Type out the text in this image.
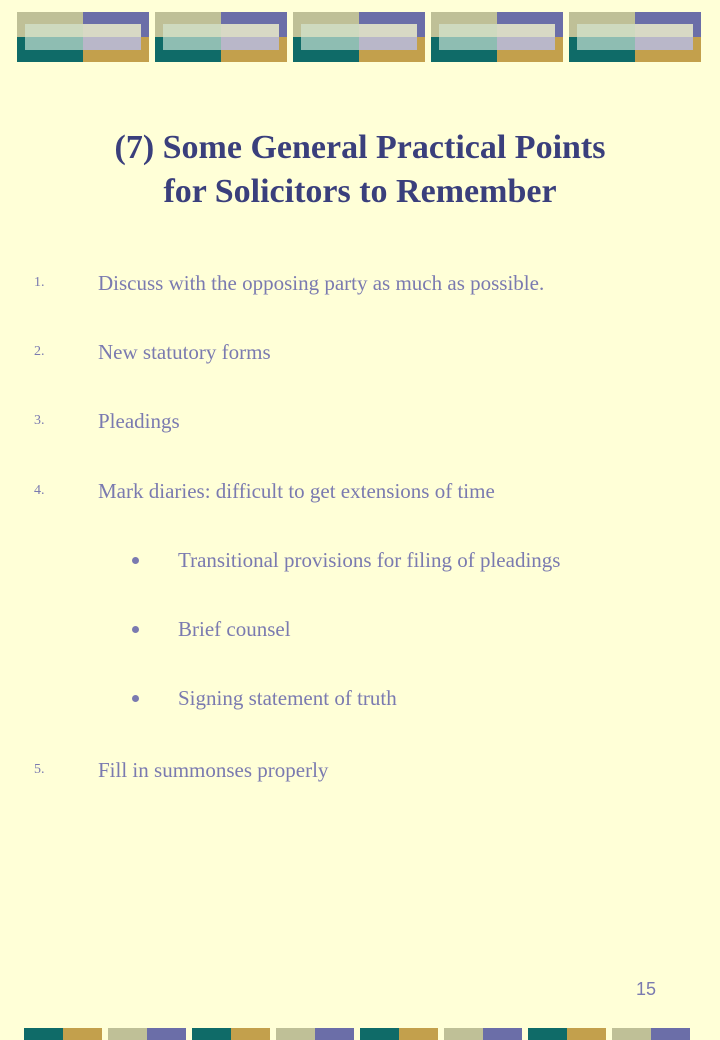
(7) Some General Practical Points
for Solicitors to Remember
1.	Discuss with the opposing party as much as possible.
2.	New statutory forms
3.	Pleadings
4.	Mark diaries: difficult to get extensions of time
Transitional provisions for filing of pleadings
Brief counsel
Signing statement of truth
5.	Fill in summonses properly
15
